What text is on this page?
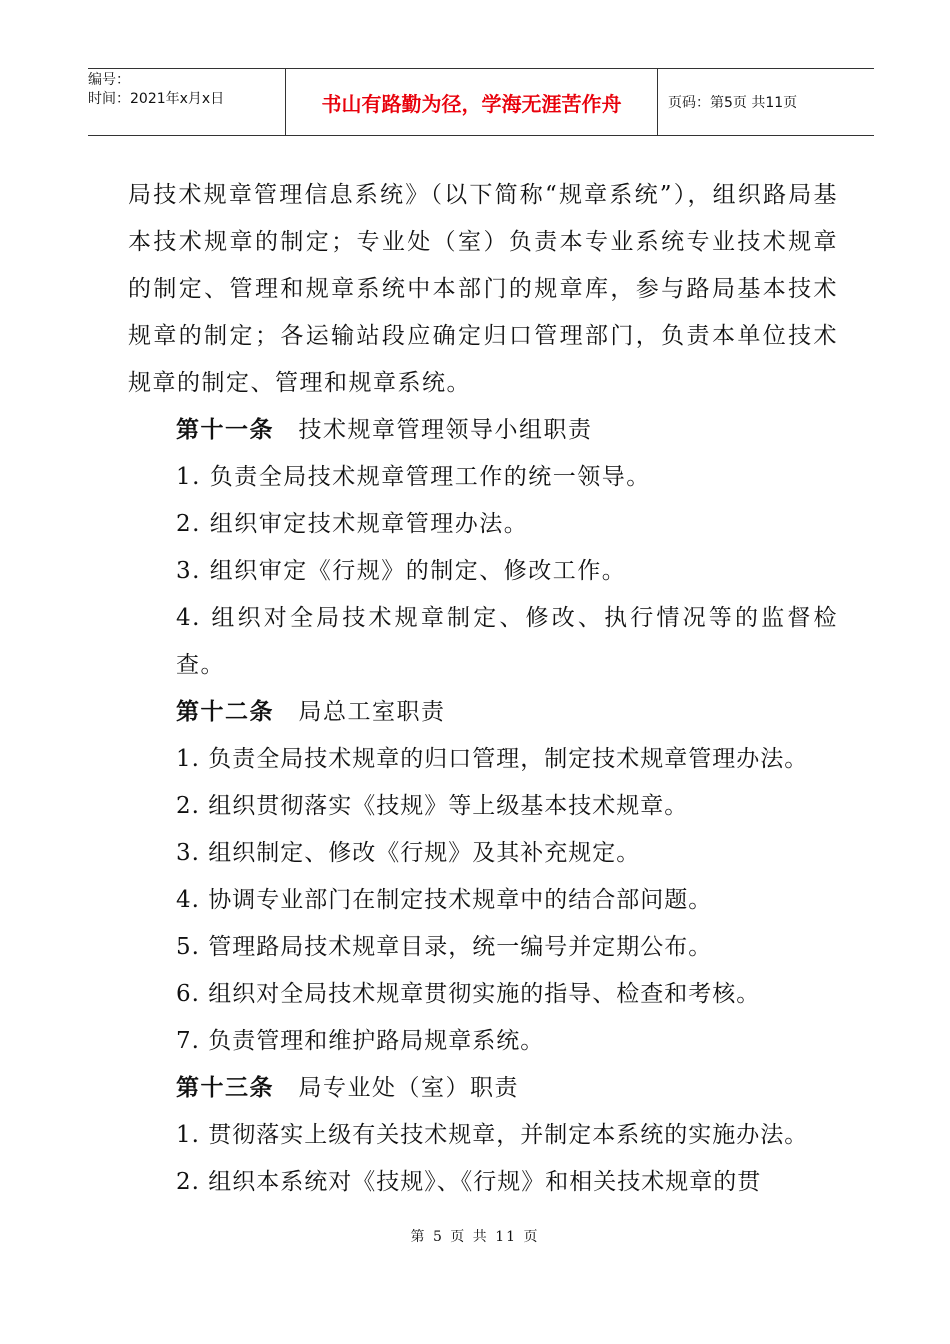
编号：
时间：2021年x月x日	书山有路勤为径，学海无涯苦作舟	页码：第5页 共11页

局技术规章管理信息系统》（以下简称“规章系统”），组织路局基本技术规章的制定；专业处（室）负责本专业系统专业技术规章的制定、管理和规章系统中本部门的规章库，参与路局基本技术规章的制定；各运输站段应确定归口管理部门，负责本单位技术规章的制定、管理和规章系统。

第十一条　技术规章管理领导小组职责

1. 负责全局技术规章管理工作的统一领导。

2. 组织审定技术规章管理办法。

3. 组织审定《行规》的制定、修改工作。

4. 组织对全局技术规章制定、修改、执行情况等的监督检查。

第十二条　局总工室职责

1. 负责全局技术规章的归口管理，制定技术规章管理办法。

2. 组织贯彻落实《技规》等上级基本技术规章。

3. 组织制定、修改《行规》及其补充规定。

4. 协调专业部门在制定技术规章中的结合部问题。

5. 管理路局技术规章目录，统一编号并定期公布。

6. 组织对全局技术规章贯彻实施的指导、检查和考核。

7. 负责管理和维护路局规章系统。

第十三条　局专业处（室）职责

1. 贯彻落实上级有关技术规章，并制定本系统的实施办法。

2. 组织本系统对《技规》、《行规》和相关技术规章的贯

第 5 页 共 11 页
